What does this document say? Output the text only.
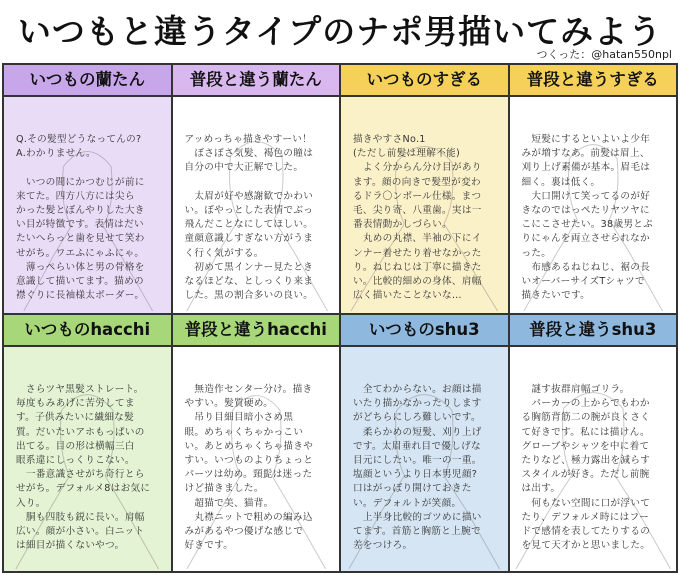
いつもと違うタイプのナポ男描いてみよう
つくった：@hatan550npl
いつもの蘭たん
Q.その髪型どうなってんの?
A.わかりません。

　いつの間にかつむじが前に
来てた。四方八方には尖ら
かった髪とぼんやりした大き
い目が特徴です。表情はだい
たいへらっと歯を見せて笑わ
せがち。ワエふにゃふにゃ。
　薄っぺらい体と男の骨格を
意識して描いてます。猫めの
襟ぐりに長袖様太ボーダー。
普段と違う蘭たん
アッめっちゃ描きやすーい！
　ぼさぼさ気髪、褐色の瞳は
自分の中で大正解でした。

　太眉が好や感謝歓でかわい
い。ぼやっとした表情でぶっ
飛んだことなにしてほしい。
童顔意識しすぎない方がうま
く行く気がする。
　初めて黒インナー見たとき
なるほどな、としっくり来ま
した。黒の割合多いの良い。
いつものすぎる
描きやすさNo.1
(ただし前髪は理解不能)
　よく分からん分け目があり
ます。顔の向きで髪型が変わ
るドラ〇ンボール仕様。まつ
毛、尖り寄、八重歯。実は一
番表情動かしづらい。
　丸めの丸襟、半袖の下にイ
ンナー着せたり着せなかった
り。ねじねじは丁寧に描きた
い。比較的細めの身体、肩幅
広く描いたことないな…
普段と違うすぎる
　短髪にするといよいよ少年
みが増すなあ。前髪は眉上、
刈り上げ素備が基本。眉毛は
細く。裏は低く。
　大口開けて笑ってるのが好
きなのではっぺたリヤツヤに
こにこさせたい。38歳男とぷ
りにゃんを両立させられなか
った。
　布感あるねじねじ、裾の長
いオーバーサイズTシャツで
描きたいです。
いつものhacchi
　さらツヤ黒髪ストレート。
毎度もみあげに苦労してま
す。子供みたいに繊細な髪
質。だいたいアホもっぱいの
出てる。目の形は横幅三白
眼系違にしっくりこない。
　一番意識させがち奇行とら
せがち。デフォルメ8はお気に
入り。
　胴も四肢も鋭に長い。肩幅
広い。顔が小さい。白ニット
は細目が描くないやつ。
普段と違うhacchi
　無造作センター分け。描き
やすい。髪質硬め。
　吊り目細目暗小さめ黒
眼。めちゃくちゃかっこい
い。あとめちゃくちゃ描きや
すい。いつものよりちょっと
パーツは幼め。頸髭は迷った
けど描きました。
　超猫で美、猫背。
　丸襟ニットで粗めの編み込
みがあるやつ優げな感じで
好きです。
いつものshu3
　全てわからない。お顔は描
いたり描かなかったりします
がどちらにしろ難しいです。
　柔らかめの短髪、刈り上げ
です。太眉垂れ目で優しげな
目元にしたい。唯一の一重。
塩顔というより日本男児顔?
口はがっぽり開けておきた
い。デフォルトが笑顔。
　上半身比較的ゴツめに描い
てます。首筋と胸筋と上腕で
差をつけろ。
普段と違うshu3
　謎す抜群肩幅ゴリラ。
　パーカーの上からでもわか
る胸筋背筋二の腕が良くさく
て好きです。私には描けん。
グローブやシャツを中に着て
たりなど、極力露出を減らす
スタイルが好き。ただし前腕
は出す。
　何もない空間に口が浮いて
たり、デフォルメ時にはフー
ドで感情を表してたりするの
を見て天才かと思いました。
